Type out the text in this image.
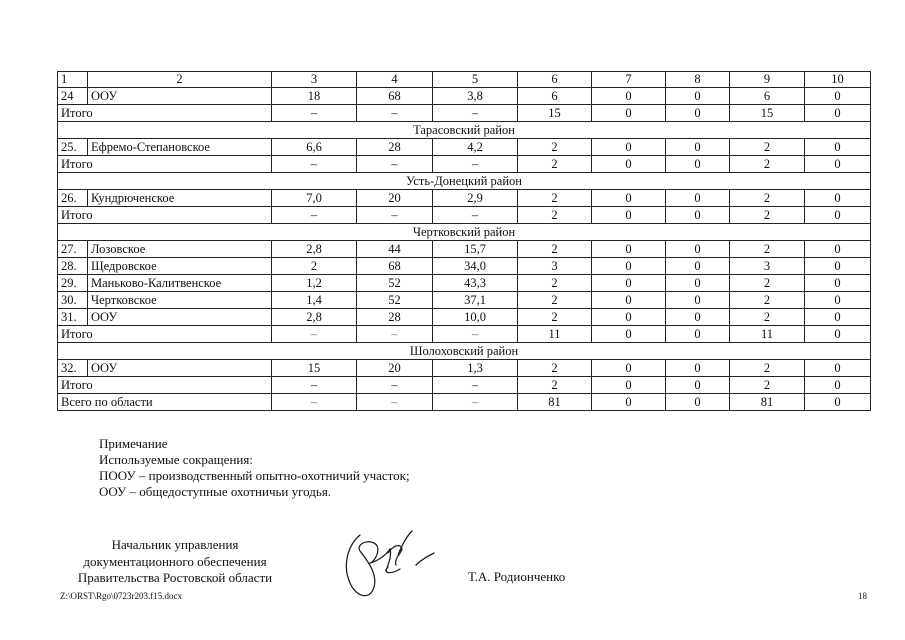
1	2	3	4	5	6	7	8	9	10
24	ООУ	18	68	3,8	6	0	0	6	0
Итого		–	–	–	15	0	0	15	0
Тарасовский район									
25.	Ефремо-Степановское	6,6	28	4,2	2	0	0	2	0
Итого		–	–	–	2	0	0	2	0
Усть-Донецкий район									
26.	Кундрюченское	7,0	20	2,9	2	0	0	2	0
Итого		–	–	–	2	0	0	2	0
Чертковский район									
27.	Лозовское	2,8	44	15,7	2	0	0	2	0
28.	Щедровское	2	68	34,0	3	0	0	3	0
29.	Маньково-Калитвенское	1,2	52	43,3	2	0	0	2	0
30.	Чертковское	1,4	52	37,1	2	0	0	2	0
31.	ООУ	2,8	28	10,0	2	0	0	2	0
Итого		–	–	–	11	0	0	11	0
Шолоховский район									
32.	ООУ	15	20	1,3	2	0	0	2	0
Итого		–	–	–	2	0	0	2	0
Всего по области		–	–	–	81	0	0	81	0
Примечание
Используемые сокращения:
ПООУ – производственный опытно-охотничий участок;
ООУ – общедоступные охотничьи угодья.
Начальник управления
документационного обеспечения
Правительства Ростовской области	Т.А. Родионченко
Z:\ORST\Rgo\0723r203.f15.docx	18
